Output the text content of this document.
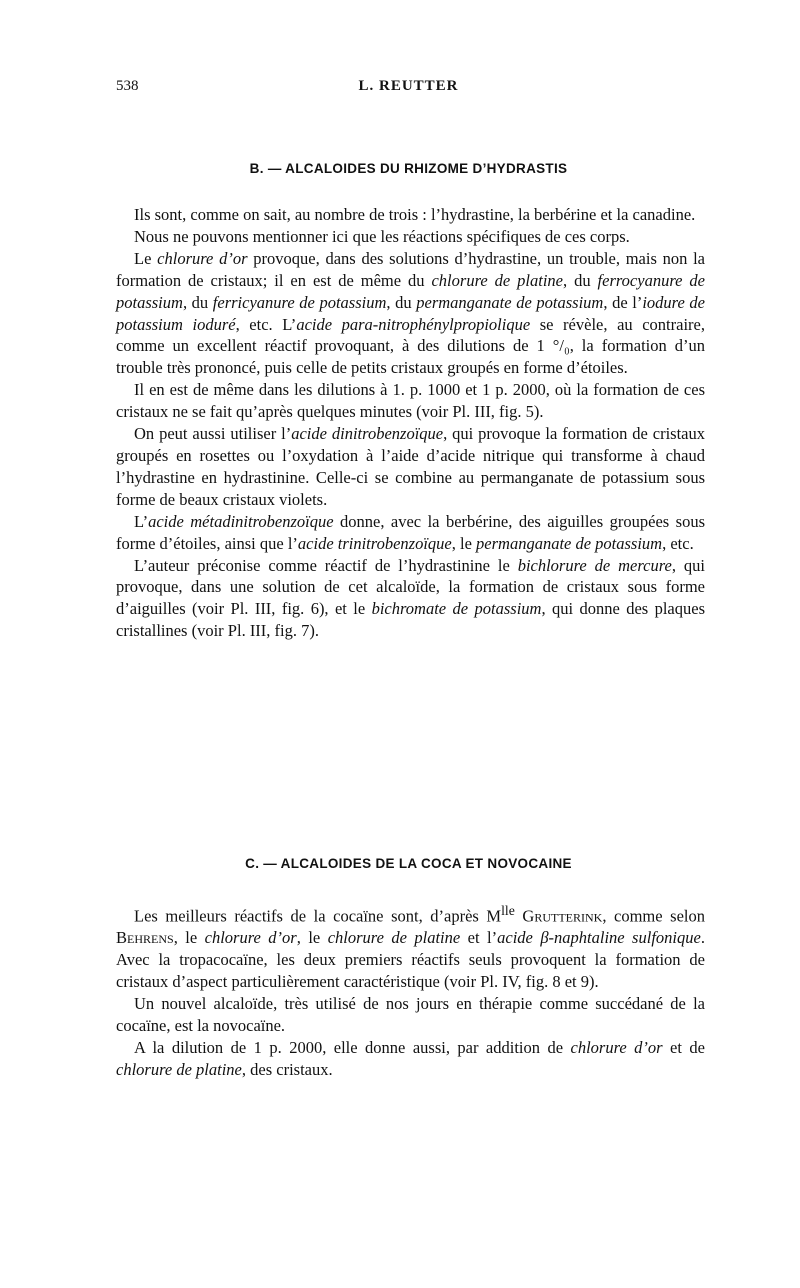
538	L. REUTTER
B. — ALCALOIDES DU RHIZOME D’HYDRASTIS

Ils sont, comme on sait, au nombre de trois : l’hydrastine, la berbérine et la canadine.

Nous ne pouvons mentionner ici que les réactions spécifiques de ces corps.

Le chlorure d’or provoque, dans des solutions d’hydrastine, un trouble, mais non la formation de cristaux; il en est de même du chlorure de platine, du ferrocyanure de potassium, du ferricyanure de potassium, du permanganate de potassium, de l’iodure de potassium ioduré, etc. L’acide para-nitrophénylpropiolique se révèle, au contraire, comme un excellent réactif provoquant, à des dilutions de 1 °/₀, la formation d’un trouble très prononcé, puis celle de petits cristaux groupés en forme d’étoiles.

Il en est de même dans les dilutions à 1. p. 1000 et 1 p. 2000, où la formation de ces cristaux ne se fait qu’après quelques minutes (voir Pl. III, fig. 5).

On peut aussi utiliser l’acide dinitrobenzoïque, qui provoque la formation de cristaux groupés en rosettes ou l’oxydation à l’aide d’acide nitrique qui transforme à chaud l’hydrastine en hydrastinine. Celle-ci se combine au permanganate de potassium sous forme de beaux cristaux violets.

L’acide métadinitrobenzoïque donne, avec la berbérine, des aiguilles groupées sous forme d’étoiles, ainsi que l’acide trinitrobenzoïque, le permanganate de potassium, etc.

L’auteur préconise comme réactif de l’hydrastinine le bichlorure de mercure, qui provoque, dans une solution de cet alcaloïde, la formation de cristaux sous forme d’aiguilles (voir Pl. III, fig. 6), et le bichromate de potassium, qui donne des plaques cristallines (voir Pl. III, fig. 7).

C. — ALCALOIDES DE LA COCA ET NOVOCAINE

Les meilleurs réactifs de la cocaïne sont, d’après $M^{lle}$ Grutterink, comme selon Behrens, le chlorure d’or, le chlorure de platine et l’acide β-naphtaline sulfonique. Avec la tropacocaïne, les deux premiers réactifs seuls provoquent la formation de cristaux d’aspect particulièrement caractéristique (voir Pl. IV, fig. 8 et 9).

Un nouvel alcaloïde, très utilisé de nos jours en thérapie comme succédané de la cocaïne, est la novocaïne.

A la dilution de 1 p. 2000, elle donne aussi, par addition de chlorure d’or et de chlorure de platine, des cristaux.
